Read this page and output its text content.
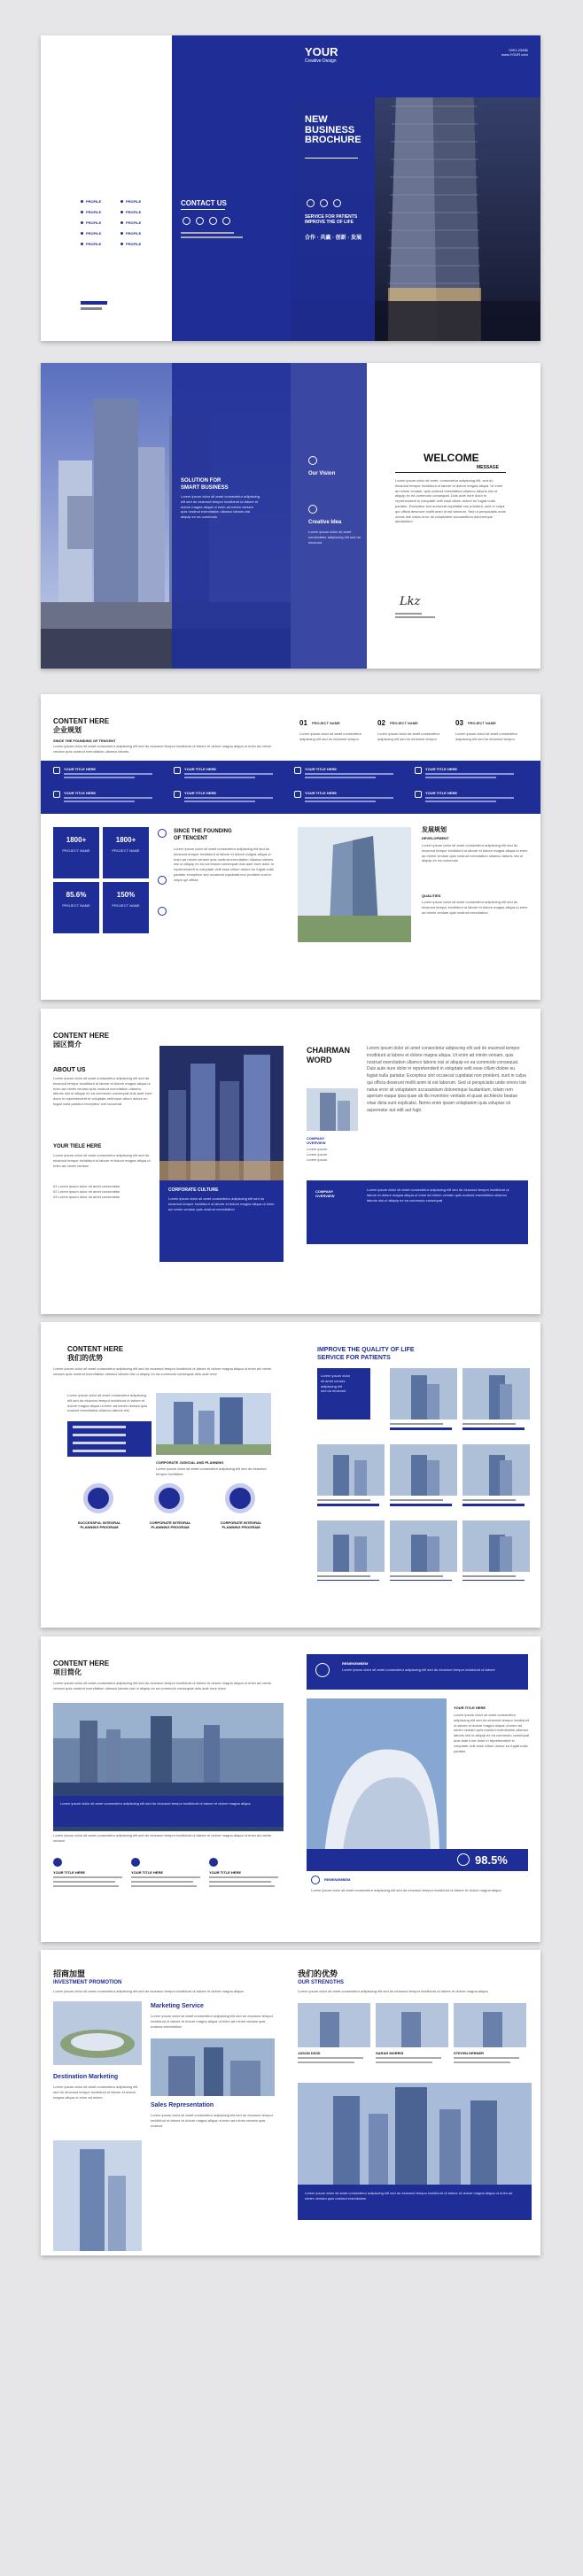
YOUR
Creative Design
0001-23456
www.YOUR.com
NEW
BUSINESS
BROCHURE
SERVICE FOR PATIENTS
IMPROVE THE OF LIFE
合作 · 共赢 · 创新 · 发展
CONTACT US
PROFILE	PROFILE
PROFILE	PROFILE
PROFILE	PROFILE
PROFILE	PROFILE
PROFILE	PROFILE
SOLUTION FOR
SMART BUSINESS
Lorem ipsum dolor sit amet consectetur adipiscing elit sed do eiusmod tempor incididunt ut labore et dolore magna aliqua ut enim ad minim veniam quis nostrud exercitation ullamco laboris nisi aliquip ex ea commodo
Our Vision
Creative Idea
Lorem ipsum dolor sit amet consectetur adipiscing elit sed do eiusmod
WELCOME
MESSAGE
Lorem ipsum dolor sit amet, consectetur adipiscing elit, sed do eiusmod tempor incididunt ut labore et dolore magna aliqua. Ut enim ad minim veniam, quis nostrud exercitation ullamco laboris nisi ut aliquip ex ea commodo consequat. Duis aute irure dolor in reprehenderit in voluptate velit esse cillum dolore eu fugiat nulla pariatur. Excepteur sint occaecat cupidatat non proident, sunt in culpa qui officia deserunt mollit anim id est laborum. Sed ut perspiciatis unde omnis iste natus error sit voluptatem accusantium doloremque laudantium.
Lkz
CONTENT HERE
企业规划
SINCE THE FOUNDING OF TENCENT
Lorem ipsum dolor sit amet consectetur adipiscing elit sed do eiusmod tempor incididunt ut labore et dolore magna aliqua ut enim ad minim veniam quis nostrud exercitation ullamco laboris.
01	02	03
PROJECT NAME	PROJECT NAME	PROJECT NAME
Lorem ipsum dolor sit amet consectetur adipiscing elit sed do eiusmod tempor
Lorem ipsum dolor sit amet consectetur adipiscing elit sed do eiusmod tempor
Lorem ipsum dolor sit amet consectetur adipiscing elit sed do eiusmod tempor
YOUR TITLE HERE	YOUR TITLE HERE	YOUR TITLE HERE	YOUR TITLE HERE
YOUR TITLE HERE	YOUR TITLE HERE	YOUR TITLE HERE	YOUR TITLE HERE
1800+
PROJECT NAME
1800+
PROJECT NAME
85.6%
PROJECT NAME
150%
PROJECT NAME
SINCE THE FOUNDING
OF TENCENT
Lorem ipsum dolor sit amet consectetur adipiscing elit sed do eiusmod tempor incididunt ut labore et dolore magna aliqua ut enim ad minim veniam quis nostrud exercitation ullamco laboris nisi ut aliquip ex ea commodo consequat duis aute irure dolor in reprehenderit in voluptate velit esse cillum dolore eu fugiat nulla pariatur excepteur sint occaecat cupidatat non proident sunt in culpa qui officia
发展规划
DEVELOPMENT
Lorem ipsum dolor sit amet consectetur adipiscing elit sed do eiusmod tempor incididunt ut labore et dolore magna aliqua ut enim ad minim veniam quis nostrud exercitation ullamco laboris nisi ut aliquip ex ea commodo
QUALITIES
Lorem ipsum dolor sit amet consectetur adipiscing elit sed do eiusmod tempor incididunt ut labore et dolore magna aliqua ut enim ad minim veniam quis nostrud exercitation
CONTENT HERE
园区简介
ABOUT US
Lorem ipsum dolor sit amet consectetur adipiscing elit sed do eiusmod tempor incididunt ut labore et dolore magna aliqua ut enim ad minim veniam quis nostrud exercitation ullamco laboris nisi ut aliquip ex ea commodo consequat duis aute irure dolor in reprehenderit in voluptate velit esse cillum dolore eu fugiat nulla pariatur excepteur sint occaecat
YOUR TIELE HERE
Lorem ipsum dolor sit amet consectetur adipiscing elit sed do eiusmod tempor incididunt ut labore et dolore magna aliqua ut enim ad minim veniam
01 Lorem ipsum dolor sit amet consectetur
02 Lorem ipsum dolor sit amet consectetur
03 Lorem ipsum dolor sit amet consectetur
CORPORATE CULTURE
Lorem ipsum dolor sit amet consectetur adipiscing elit sed do eiusmod tempor incididunt ut labore et dolore magna aliqua ut enim ad minim veniam quis nostrud exercitation
CHAIRMAN
WORD
COMPANY
OVERVIEW
Lorem ipsum
Lorem ipsum
Lorem ipsum
Lorem ipsum dolor sit amet consectetur adipiscing elit sed do eiusmod tempor incididunt ut labore et dolore magna aliqua. Ut enim ad minim veniam, quis nostrud exercitation ullamco laboris nisi ut aliquip ex ea commodo consequat. Duis aute irure dolor in reprehenderit in voluptate velit esse cillum dolore eu fugiat nulla pariatur. Excepteur sint occaecat cupidatat non proident, sunt in culpa qui officia deserunt mollit anim id est laborum. Sed ut perspiciatis unde omnis iste natus error sit voluptatem accusantium doloremque laudantium, totam rem aperiam eaque ipsa quae ab illo inventore veritatis et quasi architecto beatae vitae dicta sunt explicabo. Nemo enim ipsam voluptatem quia voluptas sit aspernatur aut odit aut fugit.
COMPANY
OVERVIEW
Lorem ipsum dolor sit amet consectetur adipiscing elit sed do eiusmod tempor incididunt ut labore et dolore magna aliqua ut enim ad minim veniam quis nostrud exercitation ullamco laboris nisi ut aliquip ex ea commodo consequat
CONTENT HERE
我们的优势
Lorem ipsum dolor sit amet consectetur adipiscing elit sed do eiusmod tempor incididunt ut labore et dolore magna aliqua ut enim ad minim veniam quis nostrud exercitation ullamco laboris nisi ut aliquip ex ea commodo consequat duis aute irure
Lorem ipsum dolor sit amet consectetur adipiscing elit sed do eiusmod tempor incididunt ut labore et dolore magna aliqua ut enim ad minim veniam quis nostrud exercitation ullamco laboris nisi
CORPORATE JUDICIAL AND PLANNING
Lorem ipsum dolor sit amet consectetur adipiscing elit sed do eiusmod tempor incididunt
SUCCESSFUL INTEGRAL
PLANNING PROGRAM
CORPORATE INTEGRAL
PLANNING PROGRAM
CORPORATE INTEGRAL
PLANNING PROGRAM
IMPROVE THE QUALITY OF LIFE
SERVICE FOR PATIENTS
Lorem ipsum dolor
sit amet consec
adipiscing elit
sed do eiusmod
CONTENT HERE
项目简化
Lorem ipsum dolor sit amet consectetur adipiscing elit sed do eiusmod tempor incididunt ut labore et dolore magna aliqua ut enim ad minim veniam quis nostrud exercitation ullamco laboris nisi ut aliquip ex ea commodo consequat duis aute irure dolor
Lorem ipsum dolor sit amet consectetur adipiscing elit sed do eiusmod tempor incididunt ut labore et dolore magna aliqua
Lorem ipsum dolor sit amet consectetur adipiscing elit sed do eiusmod tempor incididunt ut labore et dolore magna aliqua ut enim ad minim veniam
YOUR TITLE HERE	YOUR TITLE HERE	YOUR TITLE HERE
REMENEMBEM
Lorem ipsum dolor sit amet consectetur adipiscing elit sed do eiusmod tempor incididunt ut labore
98.5%
YOUR TITLE HERE
Lorem ipsum dolor sit amet consectetur adipiscing elit sed do eiusmod tempor incididunt ut labore et dolore magna aliqua ut enim ad minim veniam quis nostrud exercitation ullamco laboris nisi ut aliquip ex ea commodo consequat duis aute irure dolor in reprehenderit in voluptate velit esse cillum dolore eu fugiat nulla pariatur
REMENEMBEM
Lorem ipsum dolor sit amet consectetur adipiscing elit sed do eiusmod tempor incididunt ut labore et dolore magna aliqua
招商加盟
INVESTMENT PROMOTION
Lorem ipsum dolor sit amet consectetur adipiscing elit sed do eiusmod tempor incididunt ut labore et dolore magna aliqua
Marketing Service
Lorem ipsum dolor sit amet consectetur adipiscing elit sed do eiusmod tempor incididunt ut labore et dolore magna aliqua ut enim ad minim veniam quis nostrud exercitation
Destination Marketing
Lorem ipsum dolor sit amet consectetur adipiscing elit sed do eiusmod tempor incididunt ut labore et dolore magna aliqua ut enim ad minim
Sales Representation
Lorem ipsum dolor sit amet consectetur adipiscing elit sed do eiusmod tempor incididunt ut labore et dolore magna aliqua ut enim ad minim veniam quis nostrud
我们的优势
OUR STRENGTHS
Lorem ipsum dolor sit amet consectetur adipiscing elit sed do eiusmod tempor incididunt ut labore et dolore magna aliqua
JASON DIVID	SARAH MORRIS	STEVEN DERNER
Lorem ipsum dolor sit amet consectetur adipiscing elit sed do eiusmod tempor incididunt ut labore et dolore magna aliqua ut enim ad minim veniam quis nostrud exercitation
